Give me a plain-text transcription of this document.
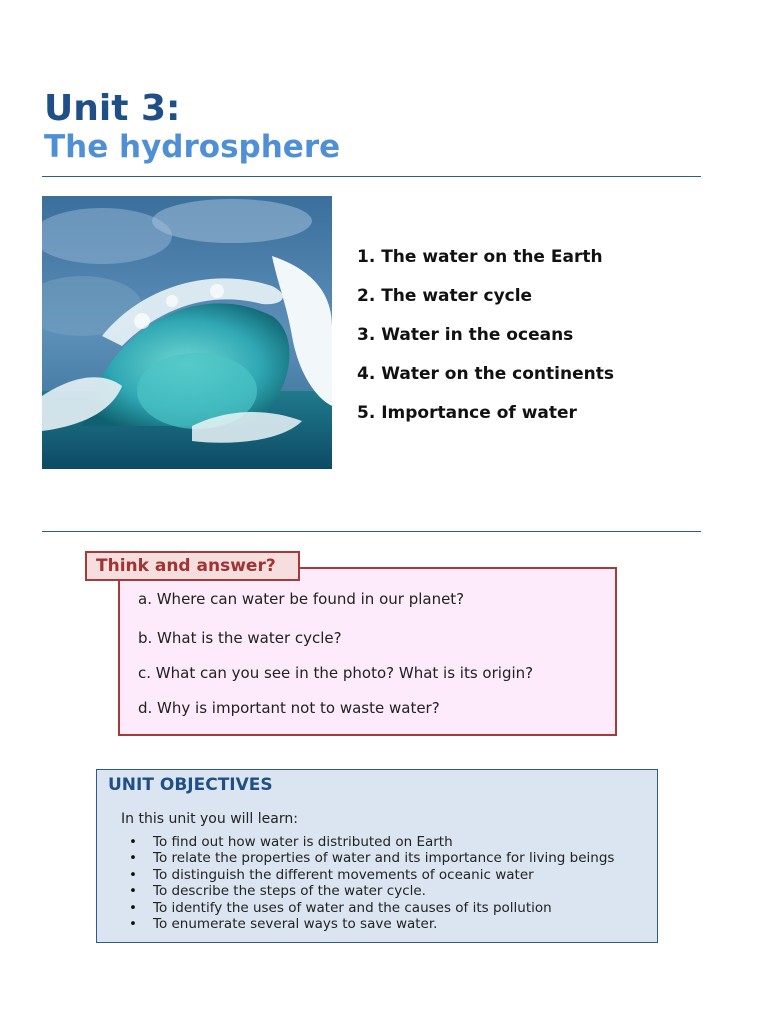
Unit 3:
The hydrosphere
1. The water on the Earth
2. The water cycle
3. Water in the oceans
4. Water on the continents
5. Importance of water
Think and answer?
a. Where can water be found in our planet?
b. What is the water cycle?
c. What can you see in the photo? What is its origin?
d. Why is important not to waste water?
UNIT OBJECTIVES
In this unit you will learn:
• To find out how water is distributed on Earth
• To relate the properties of water and its importance for living beings
• To distinguish the different movements of oceanic water
• To describe the steps of the water cycle.
• To identify the uses of water and the causes of its pollution
• To enumerate several ways to save water.
